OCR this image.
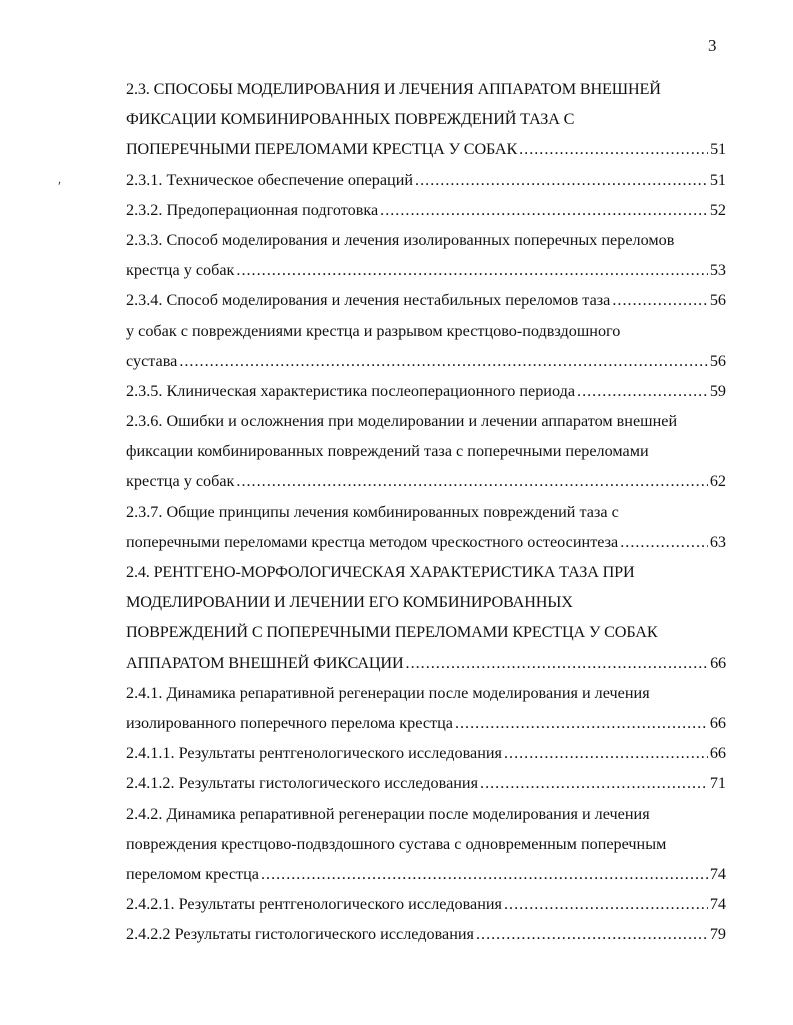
3
ʹ
2.3. СПОСОБЫ МОДЕЛИРОВАНИЯ И ЛЕЧЕНИЯ АППАРАТОМ ВНЕШНЕЙ
ФИКСАЦИИ КОМБИНИРОВАННЫХ ПОВРЕЖДЕНИЙ ТАЗА С
ПОПЕРЕЧНЫМИ ПЕРЕЛОМАМИ КРЕСТЦА У СОБАК .....	51
2.3.1. Техническое обеспечение операций .....	51
2.3.2. Предоперационная подготовка .....	52
2.3.3. Способ моделирования и лечения изолированных поперечных переломов
крестца у собак .....	53
2.3.4. Способ моделирования и лечения нестабильных переломов таза .....	56
у собак с повреждениями крестца и разрывом крестцово-подвздошного
сустава .....	56
2.3.5. Клиническая характеристика послеоперационного периода .....	59
2.3.6. Ошибки и осложнения при моделировании и лечении аппаратом внешней
фиксации комбинированных повреждений таза с поперечными переломами
крестца у собак .....	62
2.3.7. Общие принципы лечения комбинированных повреждений таза с
поперечными переломами крестца методом чрескостного остеосинтеза .....	63
2.4. РЕНТГЕНО-МОРФОЛОГИЧЕСКАЯ ХАРАКТЕРИСТИКА ТАЗА ПРИ
МОДЕЛИРОВАНИИ И ЛЕЧЕНИИ ЕГО КОМБИНИРОВАННЫХ
ПОВРЕЖДЕНИЙ С ПОПЕРЕЧНЫМИ ПЕРЕЛОМАМИ КРЕСТЦА У СОБАК
АППАРАТОМ ВНЕШНЕЙ ФИКСАЦИИ .....	66
2.4.1. Динамика репаративной регенерации после моделирования и лечения
изолированного поперечного перелома крестца .....	66
2.4.1.1. Результаты рентгенологического исследования .....	66
2.4.1.2. Результаты гистологического исследования .....	71
2.4.2. Динамика репаративной регенерации после моделирования и лечения
повреждения крестцово-подвздошного сустава с одновременным поперечным
переломом крестца .....	74
2.4.2.1. Результаты рентгенологического исследования .....	74
2.4.2.2 Результаты гистологического исследования .....	79
